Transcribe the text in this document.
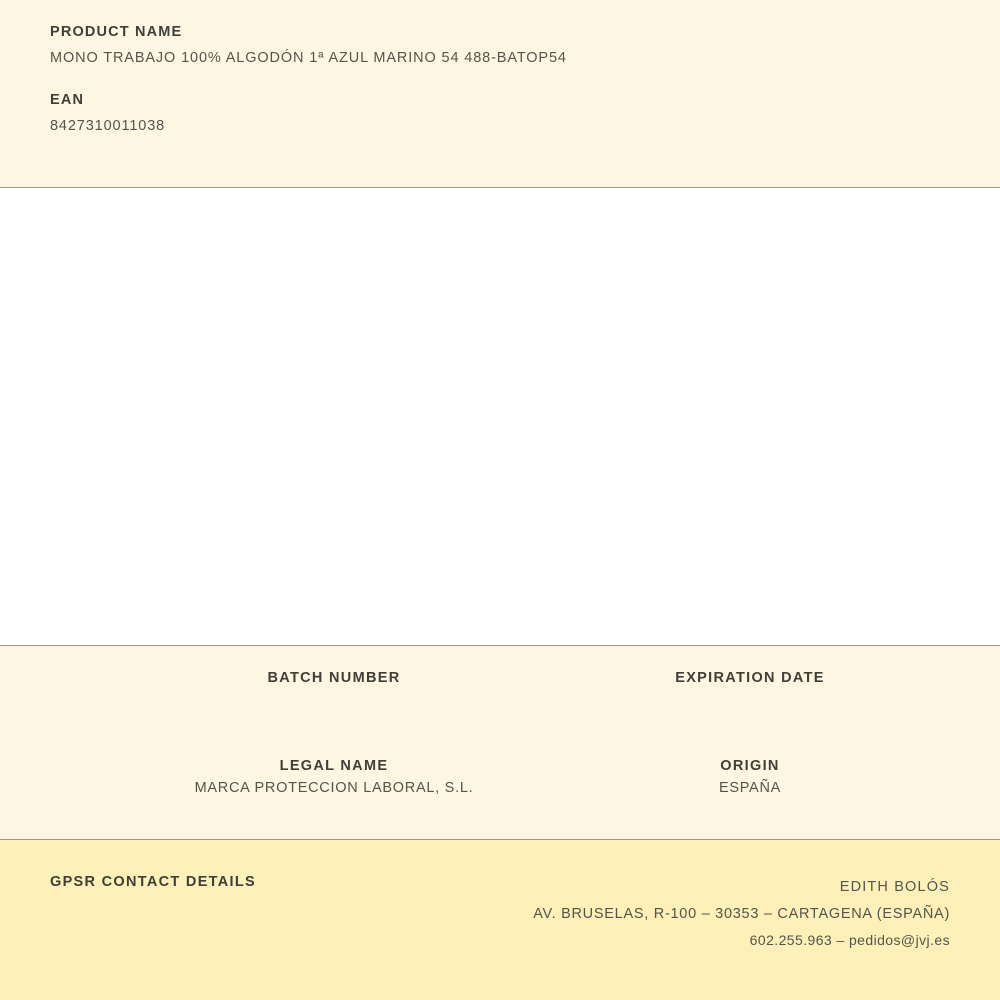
PRODUCT NAME

MONO TRABAJO 100% ALGODÓN 1ª AZUL MARINO 54 488-BATOP54

EAN

8427310011038

BATCH NUMBER	EXPIRATION DATE

LEGAL NAME

MARCA PROTECCION LABORAL, S.L.

ORIGIN

ESPAÑA

GPSR CONTACT DETAILS	EDITH BOLÓS
AV. BRUSELAS, R-100 – 30353 – CARTAGENA (ESPAÑA)
602.255.963 – pedidos@jvj.es
